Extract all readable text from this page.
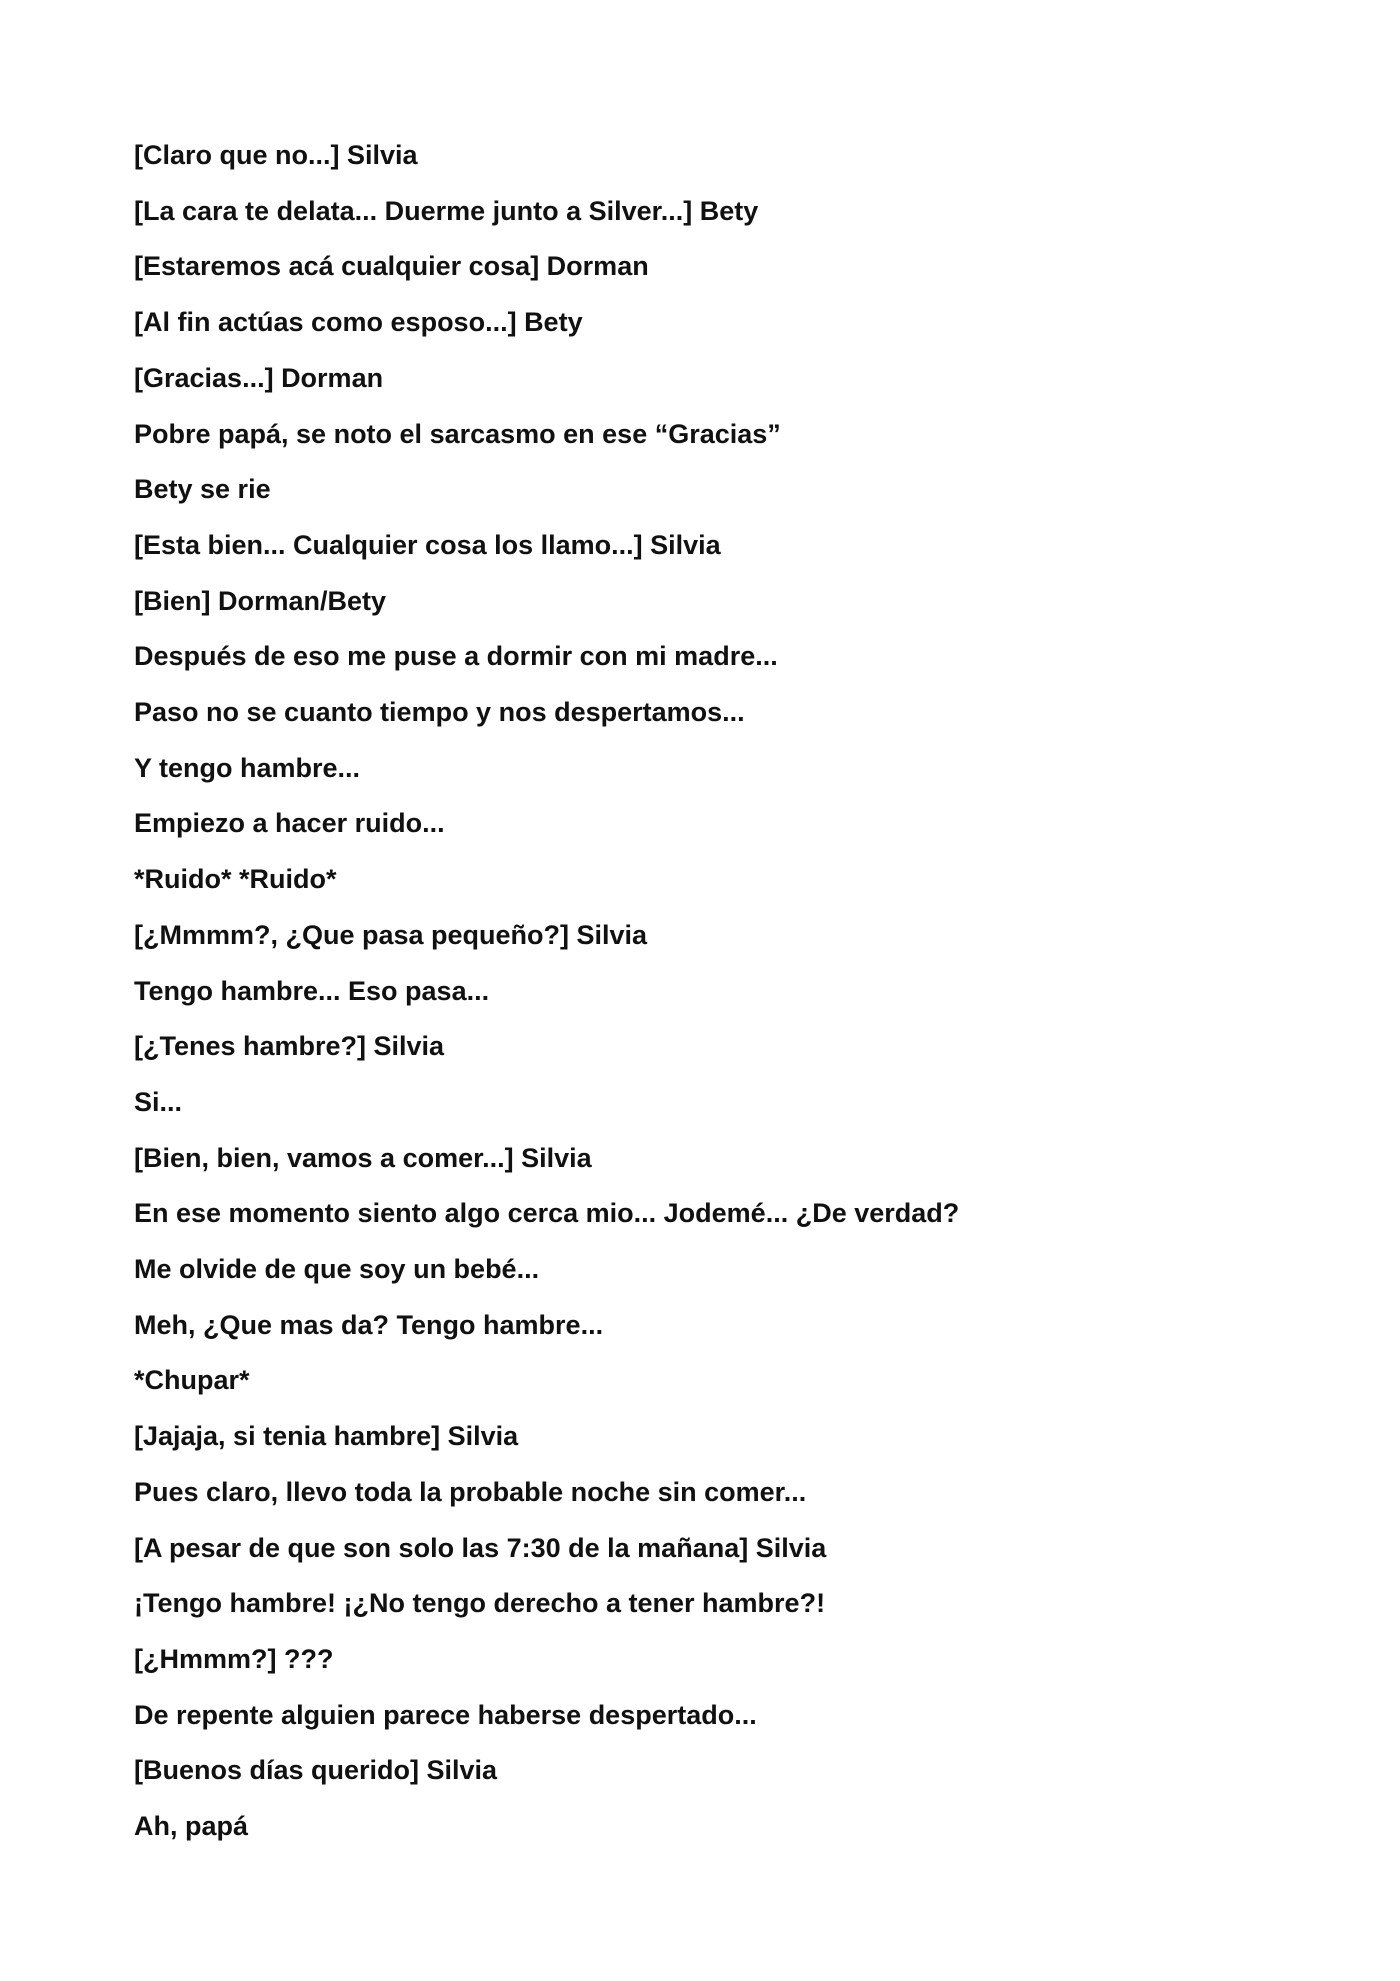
[Claro que no...] Silvia

[La cara te delata... Duerme junto a Silver...] Bety

[Estaremos acá cualquier cosa] Dorman

[Al fin actúas como esposo...] Bety

[Gracias...] Dorman

Pobre papá, se noto el sarcasmo en ese “Gracias”

Bety se rie

[Esta bien... Cualquier cosa los llamo...] Silvia

[Bien] Dorman/Bety

Después de eso me puse a dormir con mi madre...

Paso no se cuanto tiempo y nos despertamos...

Y tengo hambre...

Empiezo a hacer ruido...

*Ruido* *Ruido*

[¿Mmmm?, ¿Que pasa pequeño?] Silvia

Tengo hambre... Eso pasa...

[¿Tenes hambre?] Silvia

Si...

[Bien, bien, vamos a comer...] Silvia

En ese momento siento algo cerca mio... Jodemé... ¿De verdad?

Me olvide de que soy un bebé...

Meh, ¿Que mas da? Tengo hambre...

*Chupar*

[Jajaja, si tenia hambre] Silvia

Pues claro, llevo toda la probable noche sin comer...

[A pesar de que son solo las 7:30 de la mañana] Silvia

¡Tengo hambre! ¡¿No tengo derecho a tener hambre?!

[¿Hmmm?] ???

De repente alguien parece haberse despertado...

[Buenos días querido] Silvia

Ah, papá
